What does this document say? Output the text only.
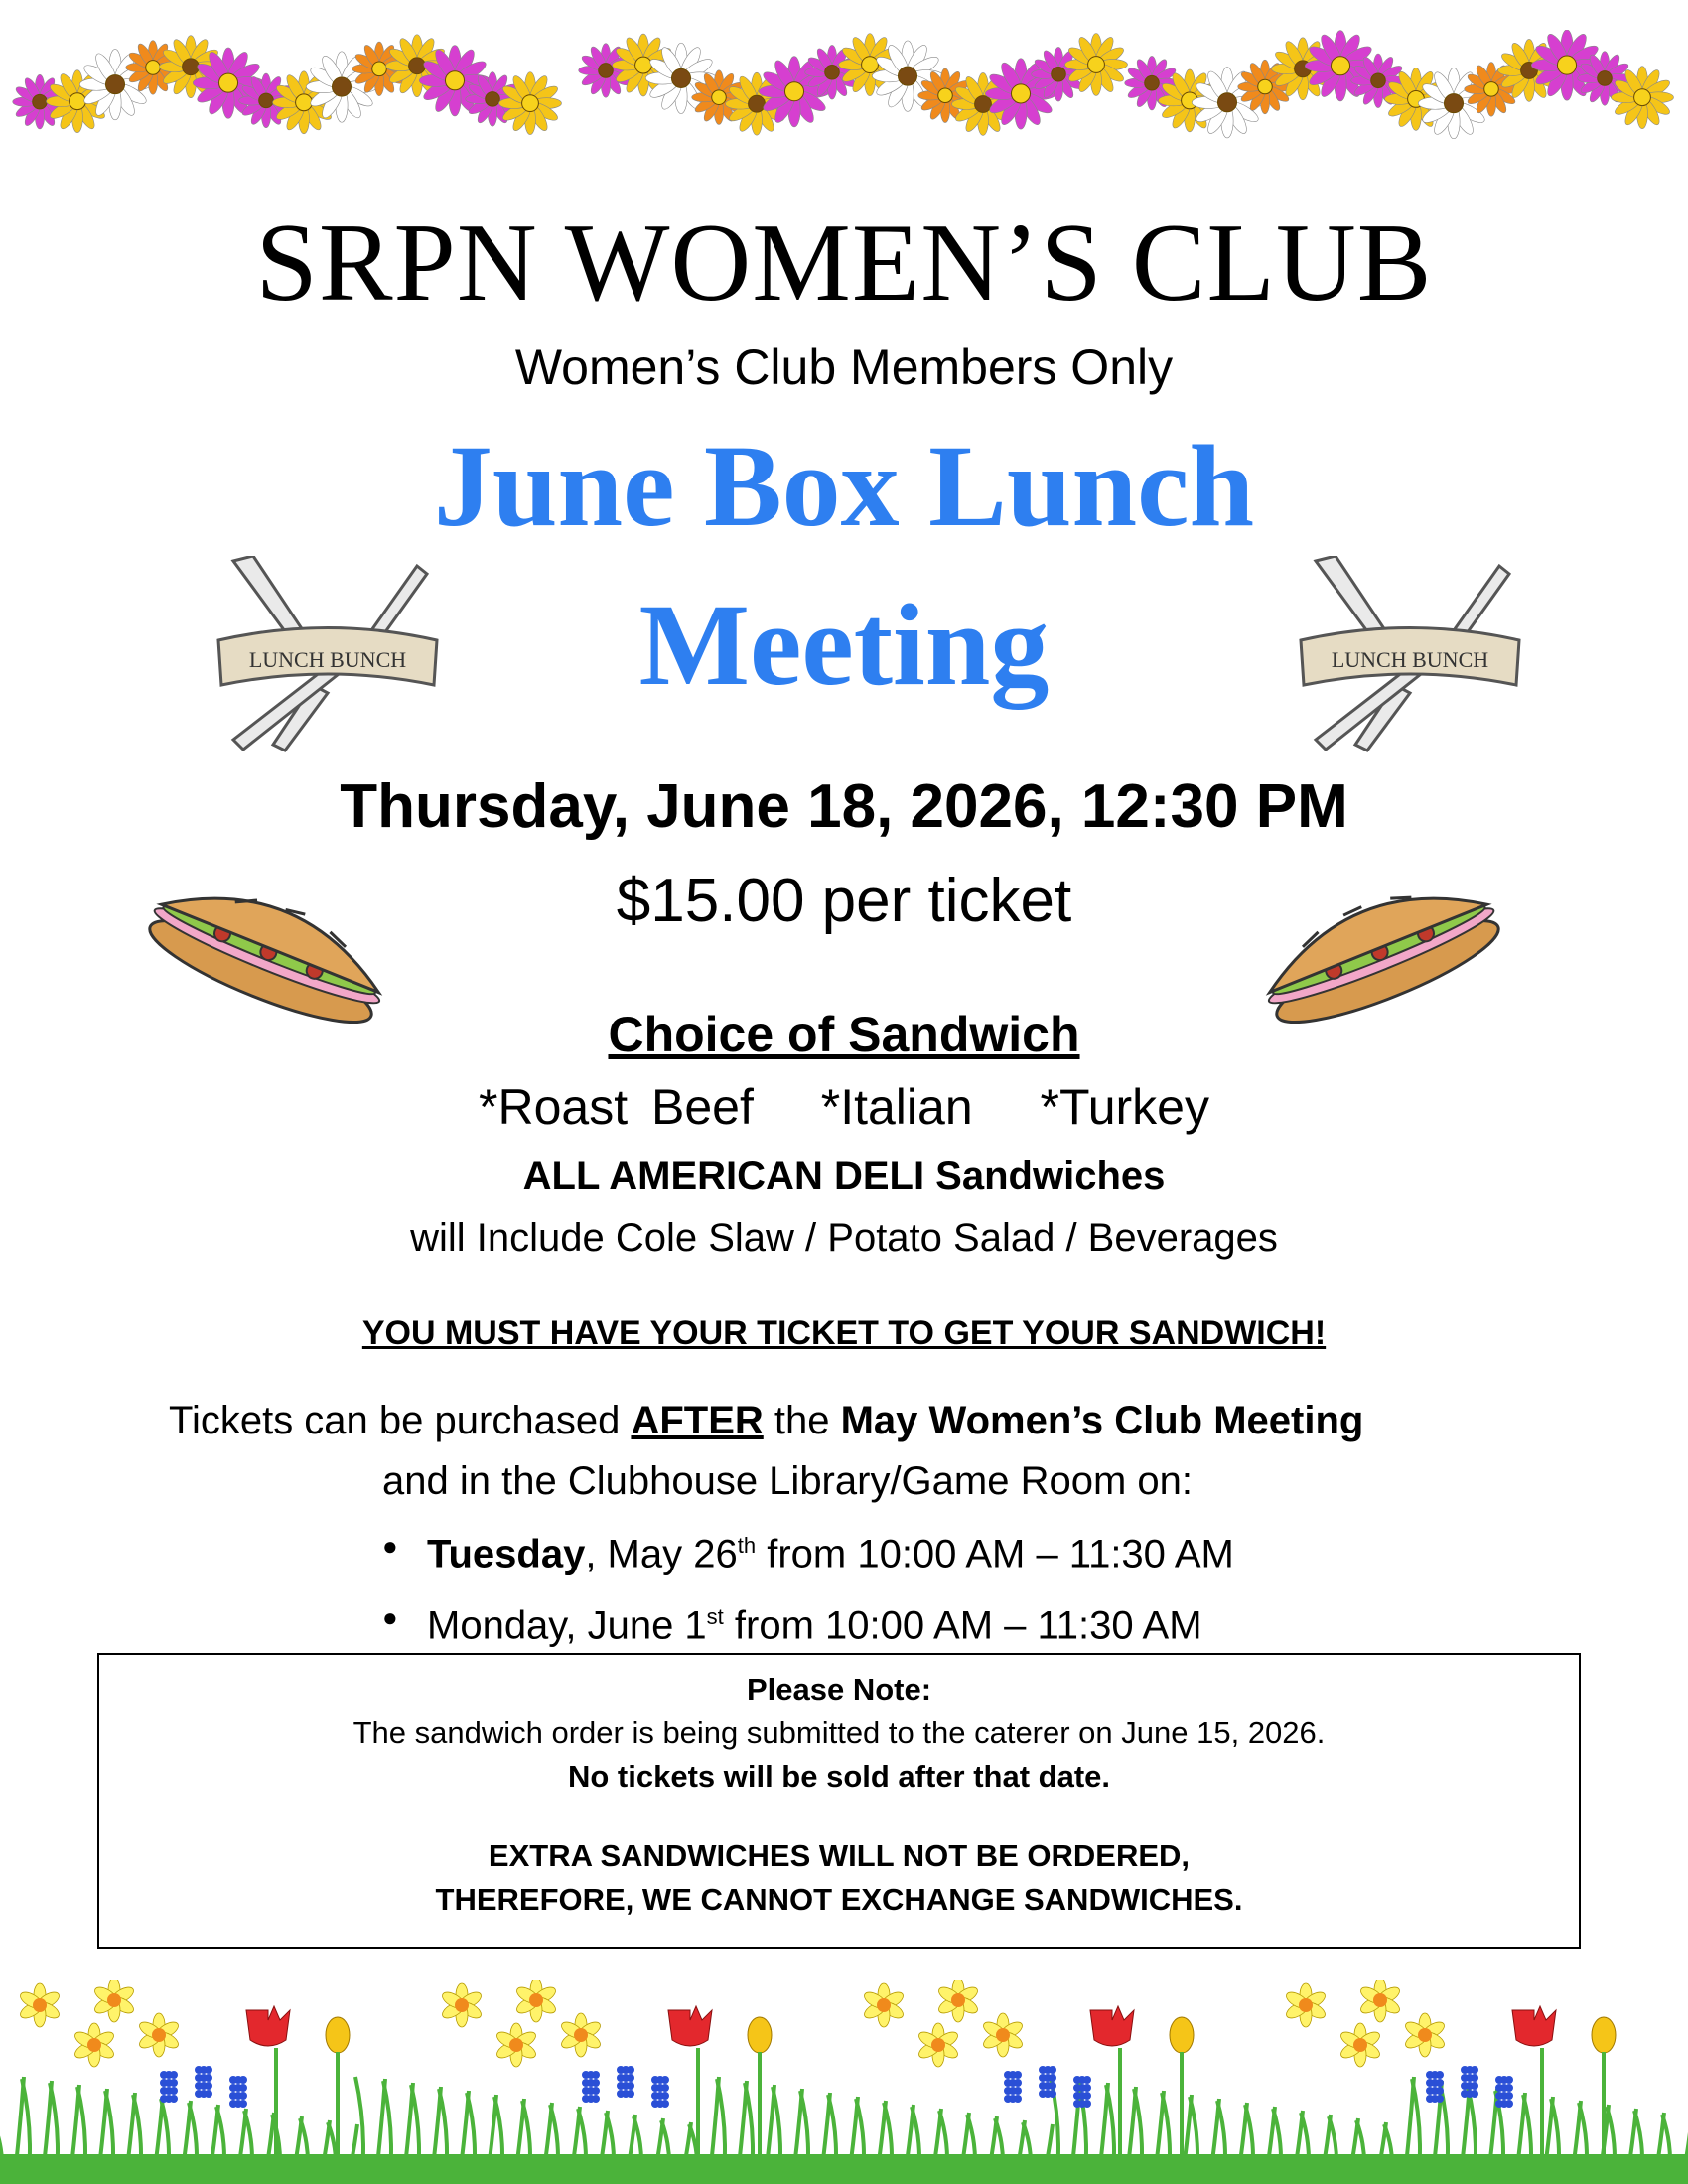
SRPN WOMEN’S CLUB
Women’s Club Members Only
June Box Lunch
Meeting
LUNCH BUNCH	LUNCH BUNCH
Thursday, June 18, 2026, 12:30 PM
$15.00 per ticket
Choice of Sandwich
*Roast Beef *Italian *Turkey
ALL AMERICAN DELI Sandwiches
will Include Cole Slaw / Potato Salad / Beverages
YOU MUST HAVE YOUR TICKET TO GET YOUR SANDWICH!
Tickets can be purchased AFTER the May Women’s Club Meeting
and in the Clubhouse Library/Game Room on:
● Tuesday, May 26th from 10:00 AM – 11:30 AM
● Monday, June 1st from 10:00 AM – 11:30 AM
Please Note:
The sandwich order is being submitted to the caterer on June 15, 2026.
No tickets will be sold after that date.
EXTRA SANDWICHES WILL NOT BE ORDERED,
THEREFORE, WE CANNOT EXCHANGE SANDWICHES.
